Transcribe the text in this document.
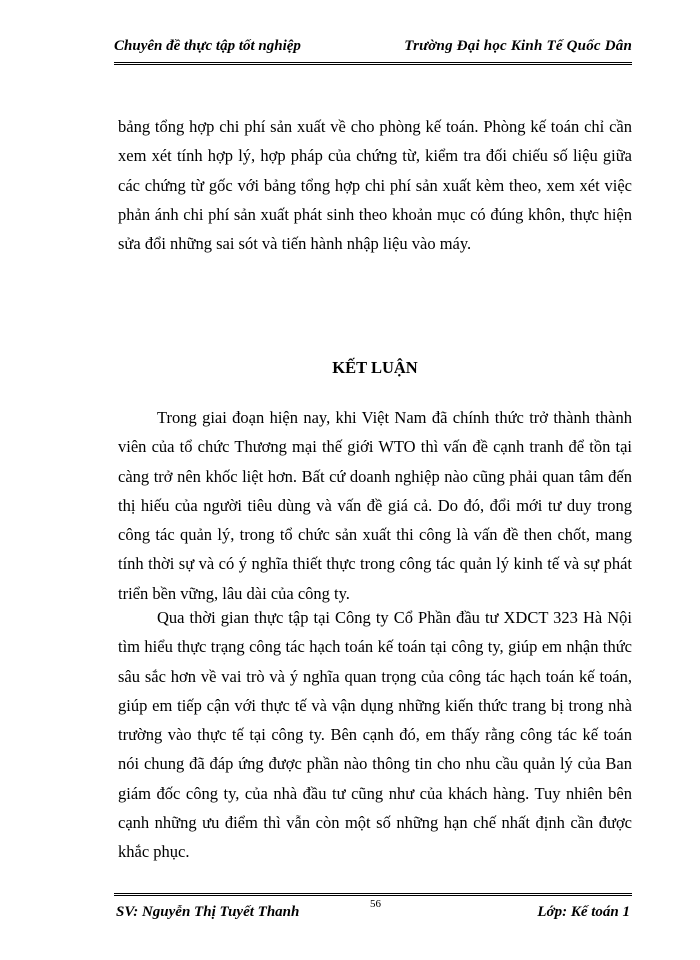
Chuyên đề thực tập tốt nghiệp	Trường Đại học Kinh Tế Quốc Dân

bảng tổng hợp chi phí sản xuất về cho phòng kế toán. Phòng kế toán chỉ cần xem xét tính hợp lý, hợp pháp của chứng từ, kiểm tra đối chiếu số liệu giữa các chứng từ gốc với bảng tổng hợp chi phí sản xuất kèm theo, xem xét việc phản ánh chi phí sản xuất phát sinh theo khoản mục có đúng khôn, thực hiện sửa đổi những sai sót và tiến hành nhập liệu vào máy.

KẾT LUẬN

Trong giai đoạn hiện nay, khi Việt Nam đã chính thức trở thành thành viên của tổ chức Thương mại thế giới WTO thì vấn đề cạnh tranh để tồn tại càng trở nên khốc liệt hơn. Bất cứ doanh nghiệp nào cũng phải quan tâm đến thị hiếu của người tiêu dùng và vấn đề giá cả. Do đó, đổi mới tư duy trong công tác quản lý, trong tổ chức sản xuất thi công là vấn đề then chốt, mang tính thời sự và có ý nghĩa thiết thực trong công tác quản lý kinh tế và sự phát triển bền vững, lâu dài của công ty.

Qua thời gian thực tập tại Công ty Cổ Phần đầu tư XDCT 323 Hà Nội tìm hiểu thực trạng công tác hạch toán kế toán tại công ty, giúp em nhận thức sâu sắc hơn về vai trò và ý nghĩa quan trọng của công tác hạch toán kế toán, giúp em tiếp cận với thực tế và vận dụng những kiến thức trang bị trong nhà trường vào thực tế tại công ty. Bên cạnh đó, em thấy rằng công tác kế toán nói chung đã đáp ứng được phần nào thông tin cho nhu cầu quản lý của Ban giám đốc công ty, của nhà đầu tư cũng như của khách hàng. Tuy nhiên bên cạnh những ưu điểm thì vẫn còn một số những hạn chế nhất định cần được khắc phục.

SV: Nguyễn Thị Tuyết Thanh	56	Lớp: Kế toán 1
